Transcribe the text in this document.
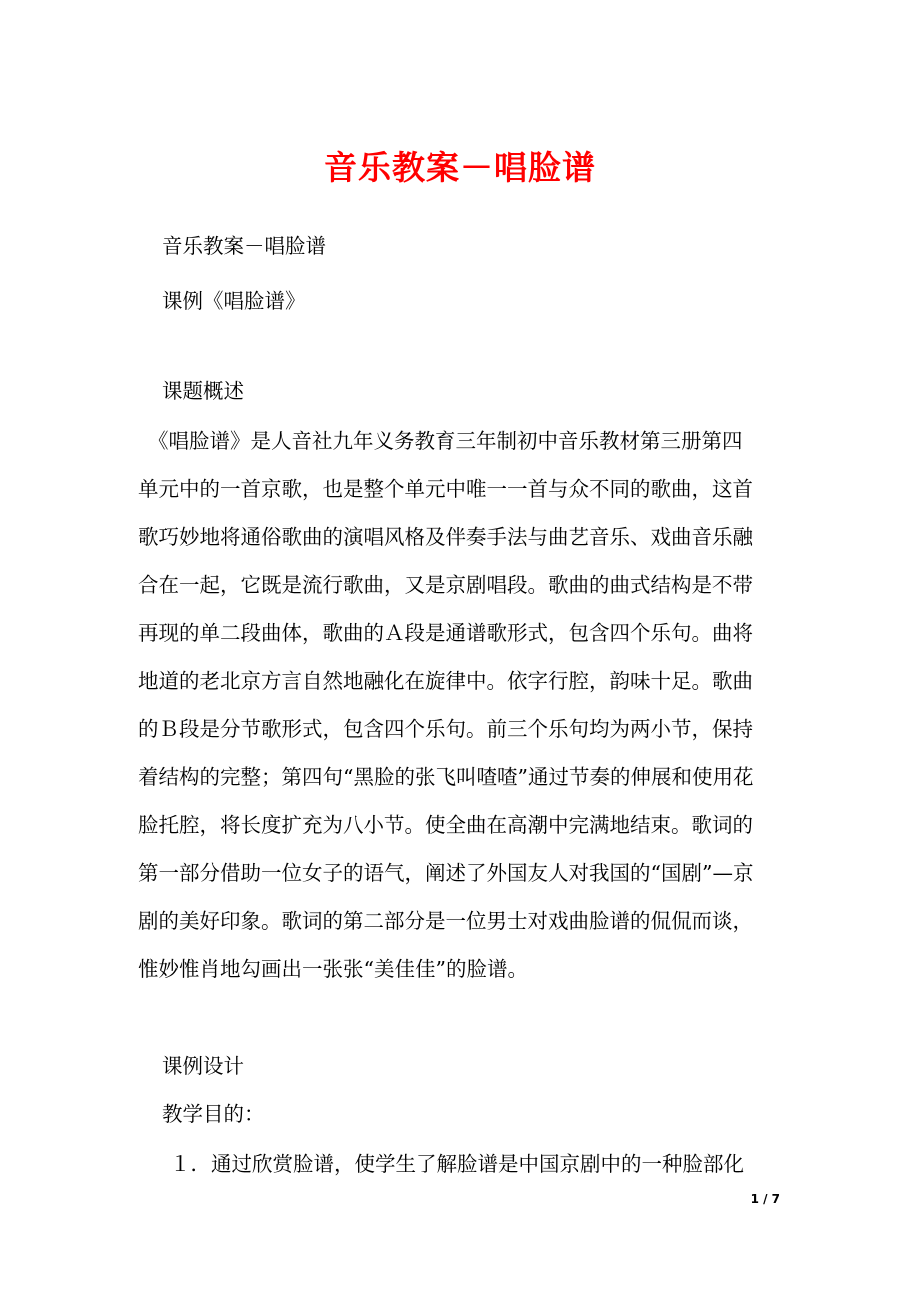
音乐教案－唱脸谱
音乐教案－唱脸谱
课例《唱脸谱》
课题概述
《唱脸谱》是人音社九年义务教育三年制初中音乐教材第三册第四
单元中的一首京歌，也是整个单元中唯一一首与众不同的歌曲，这首
歌巧妙地将通俗歌曲的演唱风格及伴奏手法与曲艺音乐、戏曲音乐融
合在一起，它既是流行歌曲，又是京剧唱段。歌曲的曲式结构是不带
再现的单二段曲体，歌曲的Ａ段是通谱歌形式，包含四个乐句。曲将
地道的老北京方言自然地融化在旋律中。依字行腔，韵味十足。歌曲
的Ｂ段是分节歌形式，包含四个乐句。前三个乐句均为两小节，保持
着结构的完整；第四句“黑脸的张飞叫喳喳”通过节奏的伸展和使用花
脸托腔，将长度扩充为八小节。使全曲在高潮中完满地结束。歌词的
第一部分借助一位女子的语气，阐述了外国友人对我国的“国剧”—京
剧的美好印象。歌词的第二部分是一位男士对戏曲脸谱的侃侃而谈，
惟妙惟肖地勾画出一张张“美佳佳”的脸谱。
课例设计
教学目的：
１．通过欣赏脸谱，使学生了解脸谱是中国京剧中的一种脸部化
1 / 7
